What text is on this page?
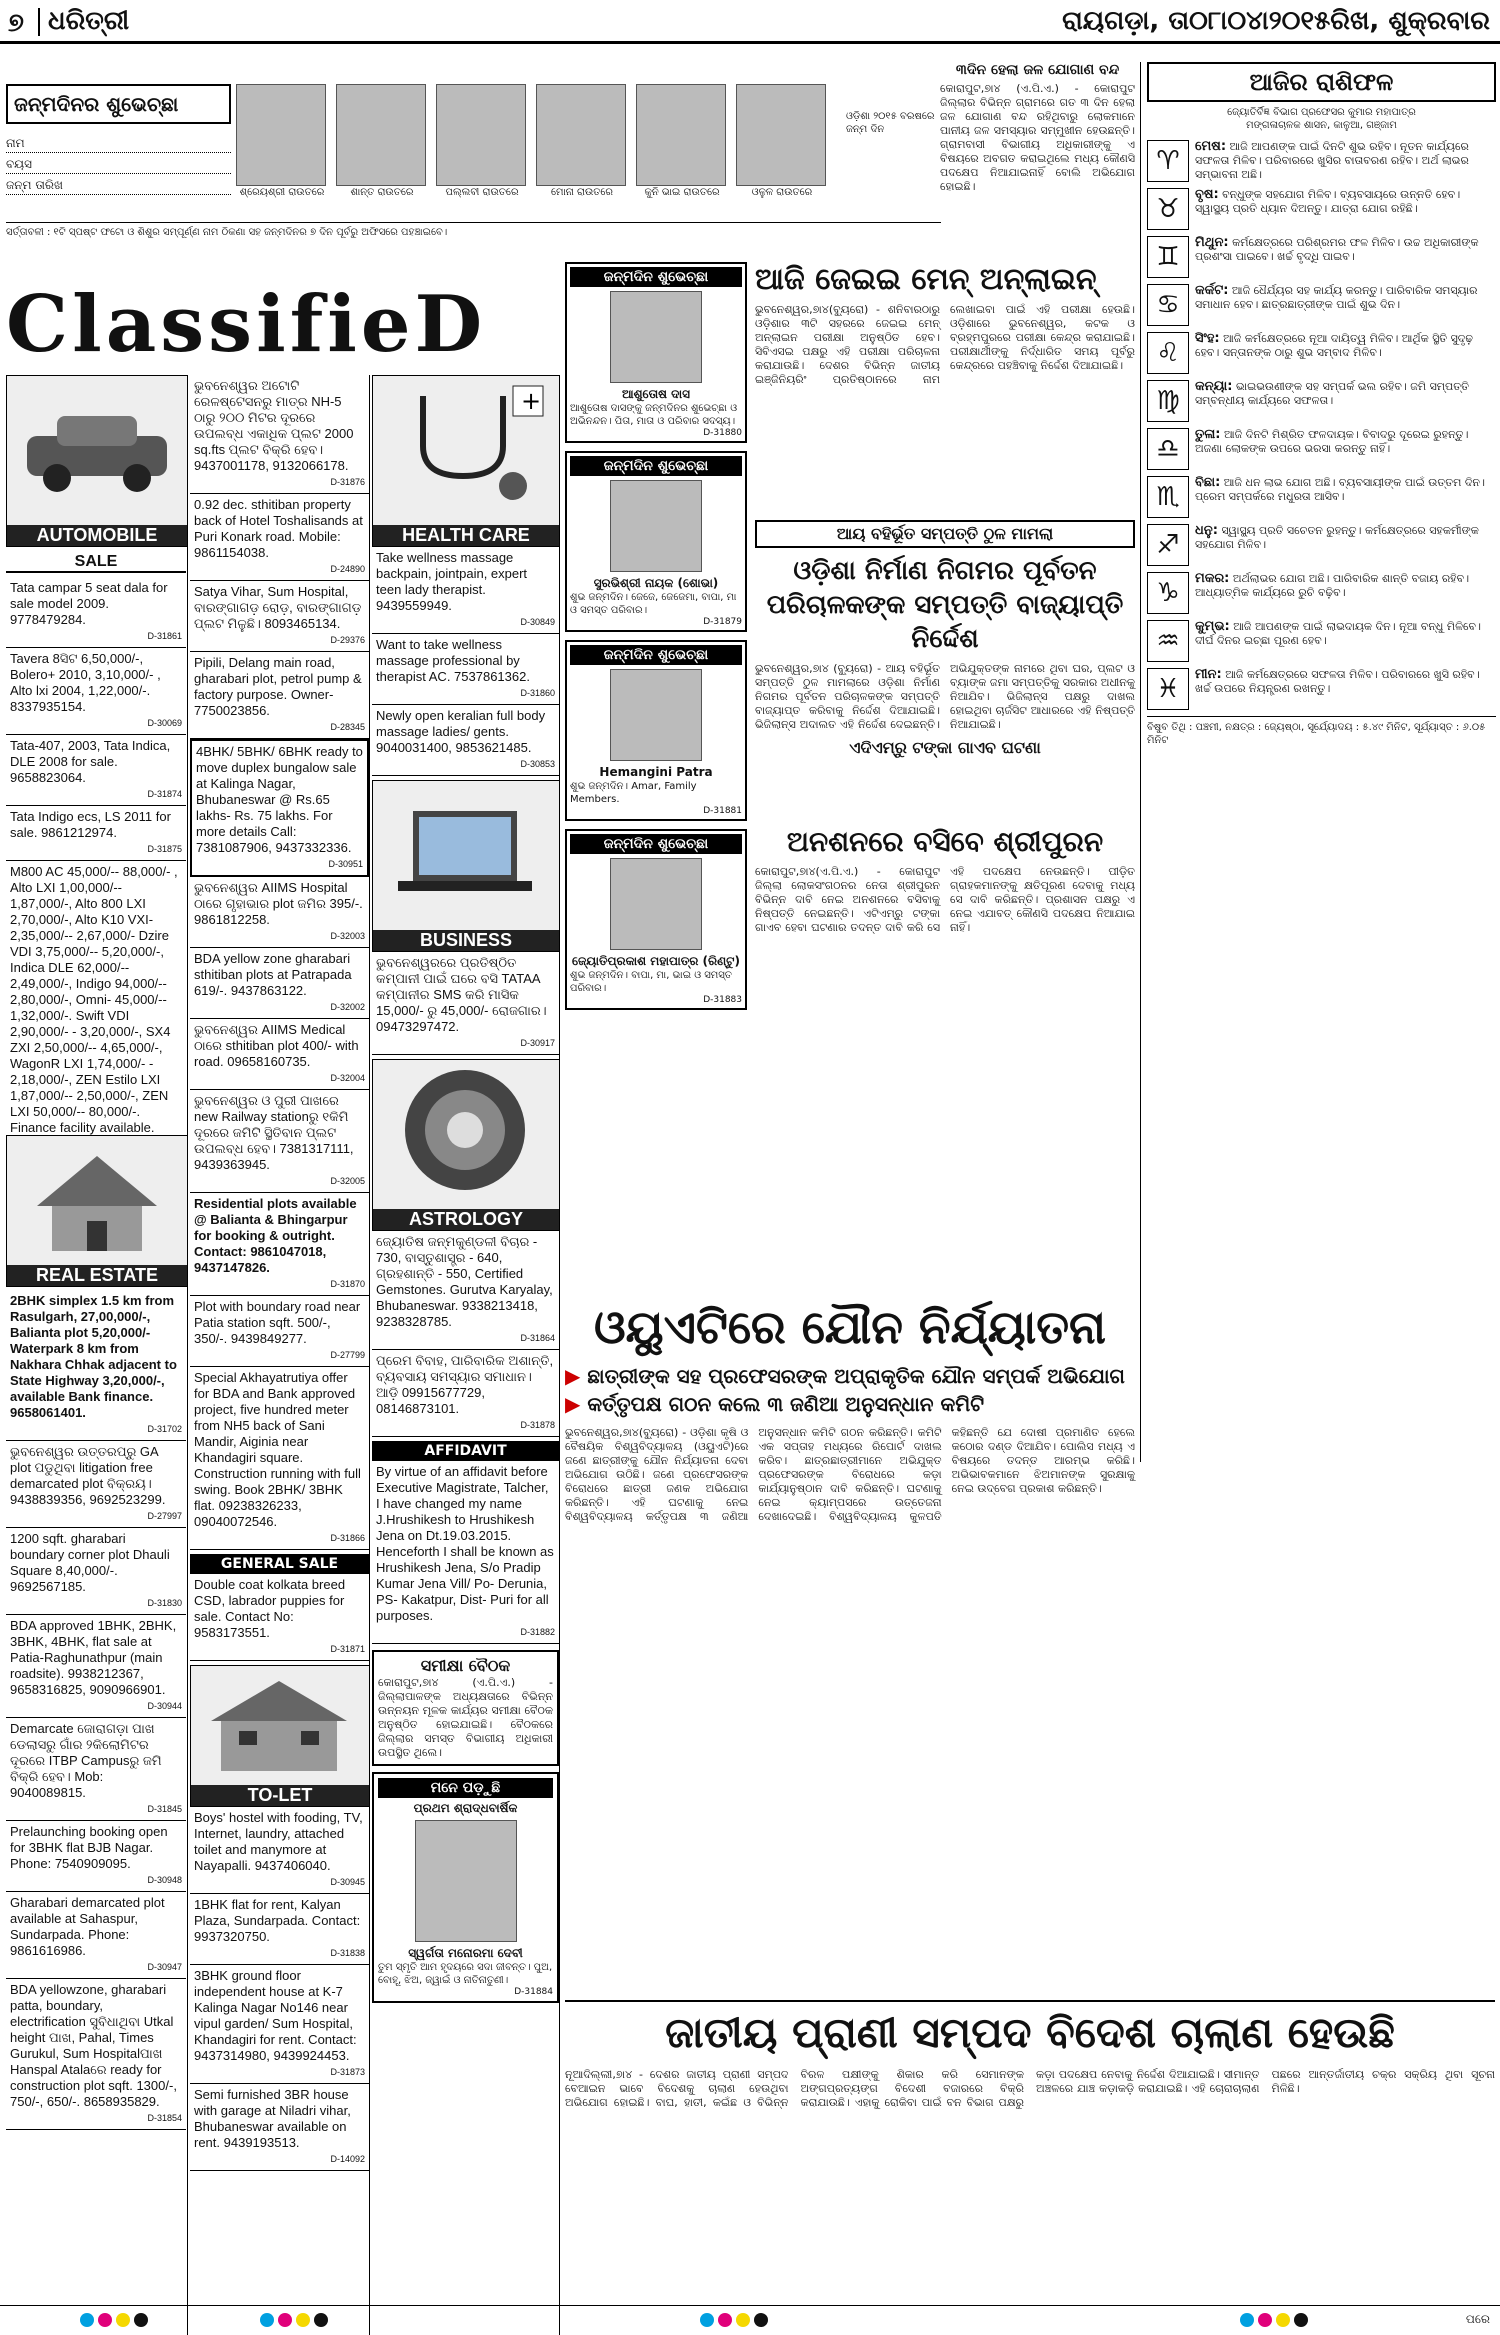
୭ ଧରିତ୍ରୀ	ରାୟଗଡ଼ା, ତା୦୮ା୦୪ା୨୦୧୫ରିଖ, ଶୁକ୍ରବାର
ଜନ୍ମଦିନର ଶୁଭେଚ୍ଛା
ନାମ
ବୟସ
ଜନ୍ମ ତାରିଖ
ଶ୍ରେୟଶ୍ରୀ ରାଉତରେ	ଶାନ୍ତ ରାଉତରେ	ପଲ୍ଲବୀ ରାଉତରେ	ମୋନା ରାଉତରେ	କୁନି ଭାଇ ରାଉତରେ	ଓଳୁଳ ରାଉତରେ
ଓଡ଼ିଶା ୨୦୧୫ ବରଷରେ ଜନ୍ମ ଦିନ
ସର୍ତ୍ତାବଳୀ : ୧ଟି ସ୍ପଷ୍ଟ ଫଟୋ ଓ ଶିଶୁର ସମ୍ପୂର୍ଣ୍ଣ ନାମ ଠିକଣା ସହ ଜନ୍ମଦିନର ୭ ଦିନ ପୂର୍ବରୁ ଅଫିସରେ ପହଞ୍ଚାଇବେ।
୩ଦିନ ହେଲା ଜଳ ଯୋଗାଣ ବନ୍ଦ
କୋରାପୁଟ,୭ା୪ (ଏ.ପି.ଏ.) - କୋରାପୁଟ ଜିଲ୍ଲାର ବିଭିନ୍ନ ଗ୍ରାମରେ ଗତ ୩ ଦିନ ହେଲା ଜଳ ଯୋଗାଣ ବନ୍ଦ ରହିଥିବାରୁ ଲୋକମାନେ ପାନୀୟ ଜଳ ସମସ୍ୟାର ସମ୍ମୁଖୀନ ହେଉଛନ୍ତି। ଗ୍ରାମବାସୀ ବିଭାଗୀୟ ଅଧିକାରୀଙ୍କୁ ଏ ବିଷୟରେ ଅବଗତ କରାଇଥିଲେ ମଧ୍ୟ କୌଣସି ପଦକ୍ଷେପ ନିଆଯାଇନାହିଁ ବୋଲି ଅଭିଯୋଗ ହୋଇଛି।
ଆଜିର ରାଶିଫଳ
ଜ୍ୟୋତିର୍ବିଜ୍ଞ ବିଭାଗ ପ୍ରଫେସର କୁମାର ମହାପାତ୍ର
ମଙ୍ଗଳାଚାଳକ ଶାସନ, କାଳୁଆ, ଗଞ୍ଜାମ
♈	ମେଷ: ଆଜି ଆପଣଙ୍କ ପାଇଁ ଦିନଟି ଶୁଭ ରହିବ। ନୂତନ କାର୍ଯ୍ୟରେ ସଫଳତା ମିଳିବ। ପରିବାରରେ ଖୁସିର ବାତାବରଣ ରହିବ। ଅର୍ଥ ଲାଭର ସମ୍ଭାବନା ଅଛି।
♉	ବୃଷ: ବନ୍ଧୁଙ୍କ ସହଯୋଗ ମିଳିବ। ବ୍ୟବସାୟରେ ଉନ୍ନତି ହେବ। ସ୍ୱାସ୍ଥ୍ୟ ପ୍ରତି ଧ୍ୟାନ ଦିଅନ୍ତୁ। ଯାତ୍ରା ଯୋଗ ରହିଛି।
♊	ମିଥୁନ: କର୍ମକ୍ଷେତ୍ରରେ ପରିଶ୍ରମର ଫଳ ମିଳିବ। ଉଚ୍ଚ ଅଧିକାରୀଙ୍କ ପ୍ରଶଂସା ପାଇବେ। ଖର୍ଚ୍ଚ ବୃଦ୍ଧି ପାଇବ।
♋	କର୍କଟ: ଆଜି ଧୈର୍ଯ୍ୟର ସହ କାର୍ଯ୍ୟ କରନ୍ତୁ। ପାରିବାରିକ ସମସ୍ୟାର ସମାଧାନ ହେବ। ଛାତ୍ରଛାତ୍ରୀଙ୍କ ପାଇଁ ଶୁଭ ଦିନ।
♌	ସିଂହ: ଆଜି କର୍ମକ୍ଷେତ୍ରରେ ନୂଆ ଦାୟିତ୍ୱ ମିଳିବ। ଆର୍ଥିକ ସ୍ଥିତି ସୁଦୃଢ଼ ହେବ। ସନ୍ତାନଙ୍କ ଠାରୁ ଶୁଭ ସମ୍ବାଦ ମିଳିବ।
♍	କନ୍ୟା: ଭାଇଭଉଣୀଙ୍କ ସହ ସମ୍ପର୍କ ଭଲ ରହିବ। ଜମି ସମ୍ପତ୍ତି ସମ୍ବନ୍ଧୀୟ କାର୍ଯ୍ୟରେ ସଫଳତା।
♎	ତୁଳା: ଆଜି ଦିନଟି ମିଶ୍ରିତ ଫଳଦାୟକ। ବିବାଦରୁ ଦୂରେଇ ରୁହନ୍ତୁ। ଅଜଣା ଲୋକଙ୍କ ଉପରେ ଭରସା କରନ୍ତୁ ନାହିଁ।
♏	ବିଛା: ଆଜି ଧନ ଲାଭ ଯୋଗ ଅଛି। ବ୍ୟବସାୟୀଙ୍କ ପାଇଁ ଉତ୍ତମ ଦିନ। ପ୍ରେମ ସମ୍ପର୍କରେ ମଧୁରତା ଆସିବ।
♐	ଧନୁ: ସ୍ୱାସ୍ଥ୍ୟ ପ୍ରତି ସଚେତନ ରୁହନ୍ତୁ। କର୍ମକ୍ଷେତ୍ରରେ ସହକର୍ମୀଙ୍କ ସହଯୋଗ ମିଳିବ।
♑	ମକର: ଅର୍ଥଲାଭର ଯୋଗ ଅଛି। ପାରିବାରିକ ଶାନ୍ତି ବଜାୟ ରହିବ। ଆଧ୍ୟାତ୍ମିକ କାର୍ଯ୍ୟରେ ରୁଚି ବଢ଼ିବ।
♒	କୁମ୍ଭ: ଆଜି ଆପଣଙ୍କ ପାଇଁ ଲାଭଦାୟକ ଦିନ। ନୂଆ ବନ୍ଧୁ ମିଳିବେ। ଦୀର୍ଘ ଦିନର ଇଚ୍ଛା ପୂରଣ ହେବ।
♓	ମୀନ: ଆଜି କର୍ମକ୍ଷେତ୍ରରେ ସଫଳତା ମିଳିବ। ପରିବାରରେ ଖୁସି ରହିବ। ଖର୍ଚ୍ଚ ଉପରେ ନିୟନ୍ତ୍ରଣ ରଖନ୍ତୁ।
ବିଷୁବ ତିଥି : ପଞ୍ଚମୀ, ନକ୍ଷତ୍ର : ଜ୍ୟେଷ୍ଠା, ସୂର୍ଯ୍ୟୋଦୟ : ୫.୪୯ ମିନିଟ, ସୂର୍ଯ୍ୟାସ୍ତ : ୬.୦୫ ମିନିଟ
ClassifieD
AUTOMOBILE
SALE
Tata campar 5 seat dala for sale model 2009. 9778479284.
D-31861
Tavera 8ସିଟ 6,50,000/-, Bolero+ 2010, 3,10,000/- , Alto lxi 2004, 1,22,000/-. 8337935154.
D-30069
Tata-407, 2003, Tata Indica, DLE 2008 for sale. 9658823064.
D-31874
Tata Indigo ecs, LS 2011 for sale. 9861212974.
D-31875
M800 AC 45,000/-- 88,000/- , Alto LXI 1,00,000/-- 1,87,000/-, Alto 800 LXI 2,70,000/-, Alto K10 VXI- 2,35,000/-- 2,67,000/- Dzire VDI 3,75,000/-- 5,20,000/-, Indica DLE 62,000/-- 2,49,000/-, Indigo 94,000/-- 2,80,000/-, Omni- 45,000/-- 1,32,000/-. Swift VDI 2,90,000/- - 3,20,000/-, SX4 ZXI 2,50,000/-- 4,65,000/-, WagonR LXI 1,74,000/- - 2,18,000/-, ZEN Estilo LXI 1,87,000/-- 2,50,000/-, ZEN LXI 50,000/-- 80,000/-. Finance facility available.
REAL ESTATE
2BHK simplex 1.5 km from Rasulgarh, 27,00,000/-, Balianta plot 5,20,000/- Waterpark 8 km from Nakhara Chhak adjacent to State Highway 3,20,000/-, available Bank finance. 9658061401.
D-31702
ଭୁବନେଶ୍ୱର ଉତ୍ତରପ୍ରୁ GA plot ପଡୁଥିବା litigation free demarcated plot ବିକ୍ରୟ। 9438839356, 9692523299.
D-27997
1200 sqft. gharabari boundary corner plot Dhauli Square 8,40,000/-. 9692567185.
D-31830
BDA approved 1BHK, 2BHK, 3BHK, 4BHK, flat sale at Patia-Raghunathpur (main roadsite). 9938212367, 9658316825, 9090966901.
D-30944
Demarcate ଜୋରାଗଡ଼ା ପାଖ ଡେଲାସରୁ ଗାଁର ୨କିଲୋମିଟର ଦୂରରେ ITBP Campusରୁ ଜମି ବିକ୍ରି ହେବ। Mob: 9040089815.
D-31845
Prelaunching booking open for 3BHK flat BJB Nagar. Phone: 7540909095.
D-30948
Gharabari demarcated plot available at Sahaspur, Sundarpada. Phone: 9861616986.
D-30947
BDA yellowzone, gharabari patta, boundary, electrification ସୁବିଧାଥିବା Utkal height ପାଖ, Pahal, Times Gurukul, Sum Hospitalପାଖ Hanspal Atalaରେ ready for construction plot sqft. 1300/-, 750/-, 650/-. 8658935829.
D-31854
ଭୁବନେଶ୍ୱର ଅଟୋଟି ରେଳଷ୍ଟେସନରୁ ମାତ୍ର NH-5 ଠାରୁ ୨୦୦ ମିଟର ଦୂରରେ ଉପଲବ୍ଧ ଏକାଧିକ ପ୍ଲଟ 2000 sq.fts ପ୍ଲଟ ବିକ୍ରି ହେବ। 9437001178, 9132066178.
D-31876
0.92 dec. sthitiban property back of Hotel Toshalisands at Puri Konark road. Mobile: 9861154038.
D-24890
Satya Vihar, Sum Hospital, ବାରଙ୍ଗାଗଡ଼ ରୋଡ଼, ବାରଙ୍ଗାଗଡ଼ ପ୍ଲଟ ମିଳୁଛି। 8093465134.
D-29376
Pipili, Delang main road, gharabari plot, petrol pump & factory purpose. Owner- 7750023856.
D-28345
4BHK/ 5BHK/ 6BHK ready to move duplex bungalow sale at Kalinga Nagar, Bhubaneswar @ Rs.65 lakhs- Rs. 75 lakhs. For more details Call: 7381087906, 9437332336.
D-30951
ଭୁବନେଶ୍ୱର AIIMS Hospital ଠାରେ ଗୃହାଭାର plot ଜମିର 395/-. 9861812258.
D-32003
BDA yellow zone gharabari sthitiban plots at Patrapada 619/-. 9437863122.
D-32002
ଭୁବନେଶ୍ୱର AIIMS Medical ଠାରେ sthitiban plot 400/- with road. 09658160735.
D-32004
ଭୁବନେଶ୍ୱର ଓ ପୁରୀ ପାଖରେ new Railway stationରୁ ୧କିମି ଦୂରରେ ଜମିଟି ସ୍ଥିତିବାନ ପ୍ଲଟ ଉପଲବ୍ଧ ହେବ। 7381317111, 9439363945.
D-32005
Residential plots available @ Balianta & Bhingarpur for booking & outright. Contact: 9861047018, 9437147826.
D-31870
Plot with boundary road near Patia station sqft. 500/-, 350/-. 9439849277.
D-27799
Special Akhayatrutiya offer for BDA and Bank approved project, five hundred meter from NH5 back of Sani Mandir, Aiginia near Khandagiri square. Construction running with full swing. Book 2BHK/ 3BHK flat. 09238326233, 09040072546.
D-31866
GENERAL SALE
Double coat kolkata breed CSD, labrador puppies for sale. Contact No: 9583173551.
D-31871
TO-LET
Boys' hostel with fooding, TV, Internet, laundry, attached toilet and manymore at Nayapalli. 9437406040.
D-30945
1BHK flat for rent, Kalyan Plaza, Sundarpada. Contact: 9937320750.
D-31838
3BHK ground floor independent house at K-7 Kalinga Nagar No146 near vipul garden/ Sum Hospital, Khandagiri for rent. Contact: 9437314980, 9439924453.
D-31873
Semi furnished 3BR house with garage at Niladri vihar, Bhubaneswar available on rent. 9439193513.
D-14092
+
HEALTH CARE
Take wellness massage backpain, jointpain, expert teen lady therapist. 9439559949.
D-30849
Want to take wellness massage professional by therapist AC. 7537861362.
D-31860
Newly open keralian full body massage ladies/ gents. 9040031400, 9853621485.
D-30853
BUSINESS
ଭୁବନେଶ୍ୱରରେ ପ୍ରତିଷ୍ଠିତ କମ୍ପାନୀ ପାଇଁ ଘରେ ବସି TATAA କମ୍ପାନୀର SMS କରି ମାସିକ 15,000/- ରୁ 45,000/- ରୋଜଗାର। 09473297472.
D-30917
ASTROLOGY
ଜ୍ୟୋତିଷ ଜନ୍ମକୁଣ୍ଡଳୀ ବିଚାର - 730, ବାସ୍ତୁଶାସ୍ତ୍ର - 640, ଗ୍ରହଶାନ୍ତି - 550, Certified Gemstones. Gurutva Karyalay, Bhubaneswar. 9338213418, 9238328785.
D-31864
ପ୍ରେମ ବିବାହ, ପାରିବାରିକ ଅଶାନ୍ତି, ବ୍ୟବସାୟ ସମସ୍ୟାର ସମାଧାନ। ଆଡ଼ି 09915677729, 08146873101.
D-31878
AFFIDAVIT
By virtue of an affidavit before Executive Magistrate, Talcher, I have changed my name J.Hrushikesh to Hrushikesh Jena on Dt.19.03.2015. Henceforth I shall be known as Hrushikesh Jena, S/o Pradip Kumar Jena Vill/ Po- Derunia, PS- Kakatpur, Dist- Puri for all purposes.
D-31882
ସମୀକ୍ଷା ବୈଠକ
କୋରାପୁଟ,୭ା୪ (ଏ.ପି.ଏ.) - ଜିଲ୍ଲାପାଳଙ୍କ ଅଧ୍ୟକ୍ଷତାରେ ବିଭିନ୍ନ ଉନ୍ନୟନ ମୂଳକ କାର୍ଯ୍ୟର ସମୀକ୍ଷା ବୈଠକ ଅନୁଷ୍ଠିତ ହୋଇଯାଇଛି। ବୈଠକରେ ଜିଲ୍ଲାର ସମସ୍ତ ବିଭାଗୀୟ ଅଧିକାରୀ ଉପସ୍ଥିତ ଥିଲେ।
ମନେ ପଡ଼ୁଛି
ପ୍ରଥମ ଶ୍ରାଦ୍ଧବାର୍ଷିକ
ସ୍ୱର୍ଗତା ମନୋରମା ଦେବୀ
ତୁମ ସ୍ମୃତି ଆମ ହୃଦୟରେ ସଦା ଜୀବନ୍ତ। ପୁଅ, ବୋହୂ, ଝିଅ, ଜ୍ୱାଇଁ ଓ ନାତିନାତୁଣୀ।
D-31884
ଜନ୍ମଦିନ ଶୁଭେଚ୍ଛା
ଆଶୁତୋଷ ଦାସ
ଆଶୁତୋଷ ଦାସଙ୍କୁ ଜନ୍ମଦିନର ଶୁଭେଚ୍ଛା ଓ ଅଭିନନ୍ଦନ। ପିତା, ମାତା ଓ ପରିବାର ସଦସ୍ୟ।
D-31880
ଜନ୍ମଦିନ ଶୁଭେଚ୍ଛା
ସୁରଭିଶ୍ରୀ ନାୟକ (ଶୋଭା)
ଶୁଭ ଜନ୍ମଦିନ। ଜେଜେ, ଜେଜେମା, ବାପା, ମା ଓ ସମସ୍ତ ପରିବାର।
D-31879
ଜନ୍ମଦିନ ଶୁଭେଚ୍ଛା
Hemangini Patra
ଶୁଭ ଜନ୍ମଦିନ। Amar, Family Members.
D-31881
ଜନ୍ମଦିନ ଶୁଭେଚ୍ଛା
ଜ୍ୟୋତିପ୍ରକାଶ ମହାପାତ୍ର (ରିଣ୍ଟୁ)
ଶୁଭ ଜନ୍ମଦିନ। ବାପା, ମା, ଭାଇ ଓ ସମସ୍ତ ପରିବାର।
D-31883
ଆଜି ଜେଇଇ ମେନ୍ ଅନ୍‌ଲାଇନ୍
ଭୁବନେଶ୍ୱର,୭ା୪(ବ୍ୟୁରୋ) - ଶନିବାରଠାରୁ ଓଡ଼ିଶାର ୩ଟି ସହରରେ ଜେଇଇ ମେନ୍ ଅନ୍‌ଲାଇନ ପରୀକ୍ଷା ଅନୁଷ୍ଠିତ ହେବ। ସିବିଏସଇ ପକ୍ଷରୁ ଏହି ପରୀକ୍ଷା ପରିଚାଳନା କରାଯାଉଛି। ଦେଶର ବିଭିନ୍ନ ଜାତୀୟ ଇଞ୍ଜିନିୟରିଂ ପ୍ରତିଷ୍ଠାନରେ ନାମ ଲେଖାଇବା ପାଇଁ ଏହି ପରୀକ୍ଷା ହେଉଛି। ଓଡ଼ିଶାରେ ଭୁବନେଶ୍ୱର, କଟକ ଓ ବ୍ରହ୍ମପୁରରେ ପରୀକ୍ଷା କେନ୍ଦ୍ର କରାଯାଇଛି। ପରୀକ୍ଷାର୍ଥୀଙ୍କୁ ନିର୍ଦ୍ଧାରିତ ସମୟ ପୂର୍ବରୁ କେନ୍ଦ୍ରରେ ପହଞ୍ଚିବାକୁ ନିର୍ଦ୍ଦେଶ ଦିଆଯାଇଛି।
ଆୟ ବହିର୍ଭୂତ ସମ୍ପତ୍ତି ଠୁଳ ମାମଲା
ଓଡ଼ିଶା ନିର୍ମାଣ ନିଗମର ପୂର୍ବତନ ପରିଚାଳକଙ୍କ ସମ୍ପତ୍ତି ବାଜ୍ୟାପ୍ତି ନିର୍ଦ୍ଦେଶ
ଭୁବନେଶ୍ୱର,୭ା୪ (ବ୍ୟୁରୋ) - ଆୟ ବହିର୍ଭୂତ ସମ୍ପତ୍ତି ଠୁଳ ମାମଲାରେ ଓଡ଼ିଶା ନିର୍ମାଣ ନିଗମର ପୂର୍ବତନ ପରିଚାଳକଙ୍କ ସମ୍ପତ୍ତି ବାଜ୍ୟାପ୍ତ କରିବାକୁ ନିର୍ଦ୍ଦେଶ ଦିଆଯାଇଛି। ଭିଜିଲାନ୍ସ ଅଦାଲତ ଏହି ନିର୍ଦ୍ଦେଶ ଦେଇଛନ୍ତି। ଅଭିଯୁକ୍ତଙ୍କ ନାମରେ ଥିବା ଘର, ପ୍ଲଟ ଓ ବ୍ୟାଙ୍କ ଜମା ସମ୍ପତ୍ତିକୁ ସରକାର ଅଧୀନକୁ ନିଆଯିବ। ଭିଜିଲାନ୍ସ ପକ୍ଷରୁ ଦାଖଲ ହୋଇଥିବା ଚାର୍ଜସିଟ ଆଧାରରେ ଏହି ନିଷ୍ପତ୍ତି ନିଆଯାଇଛି।
ଏଦିଏମ୍‌ରୁ ଟଙ୍କା ଗାଏବ ଘଟଣା
ଅନଶନରେ ବସିବେ ଶ୍ରୀପୁରନ
କୋରାପୁଟ,୭ା୪(ଏ.ପି.ଏ.) - କୋରାପୁଟ ଜିଲ୍ଲା ଲୋକସଂଗଠନର ନେତା ଶ୍ରୀପୁରନ ବିଭିନ୍ନ ଦାବି ନେଇ ଅନଶନରେ ବସିବାକୁ ନିଷ୍ପତ୍ତି ନେଇଛନ୍ତି। ଏଟିଏମ୍‌ରୁ ଟଙ୍କା ଗାଏବ ହେବା ଘଟଣାର ତଦନ୍ତ ଦାବି କରି ସେ ଏହି ପଦକ୍ଷେପ ନେଉଛନ୍ତି। ପୀଡ଼ିତ ଗ୍ରାହକମାନଙ୍କୁ କ୍ଷତିପୂରଣ ଦେବାକୁ ମଧ୍ୟ ସେ ଦାବି କରିଛନ୍ତି। ପ୍ରଶାସନ ପକ୍ଷରୁ ଏ ନେଇ ଏଯାବତ୍ କୌଣସି ପଦକ୍ଷେପ ନିଆଯାଇ ନାହିଁ।
ଓୟୁଏଟିରେ ଯୌନ ନିର୍ଯ୍ୟାତନା
▶ ଛାତ୍ରୀଙ୍କ ସହ ପ୍ରଫେସରଙ୍କ ଅପ୍ରାକୃତିକ ଯୌନ ସମ୍ପର୍କ ଅଭିଯୋଗ
▶ କର୍ତ୍ତୃପକ୍ଷ ଗଠନ କଲେ ୩ ଜଣିଆ ଅନୁସନ୍ଧାନ କମିଟି
ଭୁବନେଶ୍ୱର,୭ା୪(ବ୍ୟୁରୋ) - ଓଡ଼ିଶା କୃଷି ଓ ବୈଷୟିକ ବିଶ୍ୱବିଦ୍ୟାଳୟ (ଓୟୁଏଟି)ରେ ଜଣେ ଛାତ୍ରୀଙ୍କୁ ଯୌନ ନିର୍ଯ୍ୟାତନା ଦେବା ଅଭିଯୋଗ ଉଠିଛି। ଜଣେ ପ୍ରଫେସରଙ୍କ ବିରୋଧରେ ଛାତ୍ରୀ ଜଣକ ଅଭିଯୋଗ କରିଛନ୍ତି। ଏହି ଘଟଣାକୁ ନେଇ ବିଶ୍ୱବିଦ୍ୟାଳୟ କର୍ତ୍ତୃପକ୍ଷ ୩ ଜଣିଆ ଅନୁସନ୍ଧାନ କମିଟି ଗଠନ କରିଛନ୍ତି। କମିଟି ଏକ ସପ୍ତାହ ମଧ୍ୟରେ ରିପୋର୍ଟ ଦାଖଲ କରିବ। ଛାତ୍ରଛାତ୍ରୀମାନେ ଅଭିଯୁକ୍ତ ପ୍ରଫେସରଙ୍କ ବିରୋଧରେ କଡ଼ା କାର୍ଯ୍ୟାନୁଷ୍ଠାନ ଦାବି କରିଛନ୍ତି। ଘଟଣାକୁ ନେଇ କ୍ୟାମ୍ପସରେ ଉତ୍ତେଜନା ଦେଖାଦେଇଛି। ବିଶ୍ୱବିଦ୍ୟାଳୟ କୁଳପତି କହିଛନ୍ତି ଯେ ଦୋଷୀ ପ୍ରମାଣିତ ହେଲେ କଠୋର ଦଣ୍ଡ ଦିଆଯିବ। ପୋଲିସ ମଧ୍ୟ ଏ ବିଷୟରେ ତଦନ୍ତ ଆରମ୍ଭ କରିଛି। ଅଭିଭାବକମାନେ ଝିଅମାନଙ୍କ ସୁରକ୍ଷାକୁ ନେଇ ଉଦ୍‌ବେଗ ପ୍ରକାଶ କରିଛନ୍ତି।
ଜାତୀୟ ପ୍ରାଣୀ ସମ୍ପଦ ବିଦେଶ ଚାଲାଣ ହେଉଛି
ନୂଆଦିଲ୍ଲୀ,୭ା୪ - ଦେଶର ଜାତୀୟ ପ୍ରାଣୀ ସମ୍ପଦ ବେଆଇନ ଭାବେ ବିଦେଶକୁ ଚାଲାଣ ହେଉଥିବା ଅଭିଯୋଗ ହୋଇଛି। ବାଘ, ହାତୀ, କଇଁଛ ଓ ବିଭିନ୍ନ ବିରଳ ପକ୍ଷୀଙ୍କୁ ଶିକାର କରି ସେମାନଙ୍କ ଅଙ୍ଗପ୍ରତ୍ୟଙ୍ଗ ବିଦେଶୀ ବଜାରରେ ବିକ୍ରି କରାଯାଉଛି। ଏହାକୁ ରୋକିବା ପାଇଁ ବନ ବିଭାଗ ପକ୍ଷରୁ କଡ଼ା ପଦକ୍ଷେପ ନେବାକୁ ନିର୍ଦ୍ଦେଶ ଦିଆଯାଇଛି। ସୀମାନ୍ତ ଅଞ୍ଚଳରେ ଯାଞ୍ଚ କଡ଼ାକଡ଼ି କରାଯାଇଛି। ଏହି ଚୋରାଚାଲାଣ ପଛରେ ଆନ୍ତର୍ଜାତୀୟ ଚକ୍ର ସକ୍ରିୟ ଥିବା ସୂଚନା ମିଳିଛି।
ପରେ
